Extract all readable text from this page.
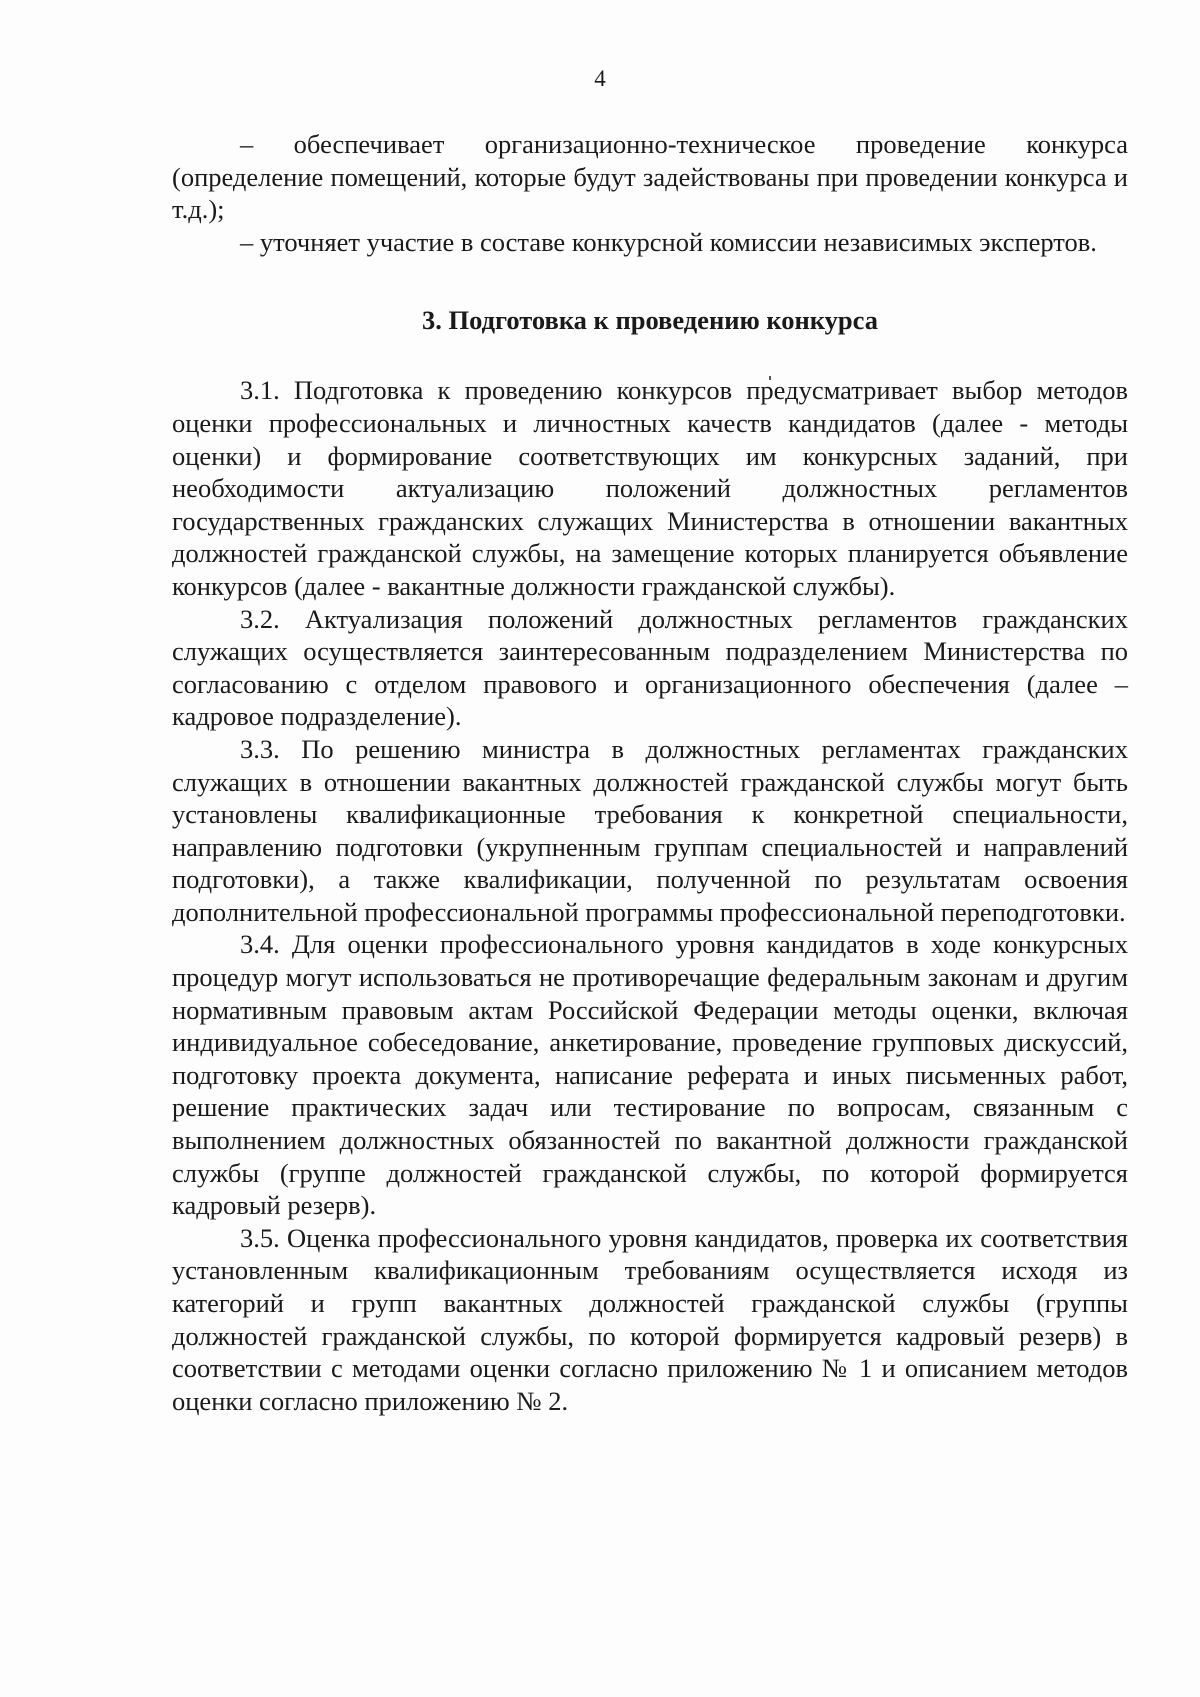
4

– обеспечивает организационно-техническое проведение конкурса (определение помещений, которые будут задействованы при проведении конкурса и т.д.);

– уточняет участие в составе конкурсной комиссии независимых экспертов.

3. Подготовка к проведению конкурса

3.1. Подготовка к проведению конкурсов предусматривает выбор методов оценки профессиональных и личностных качеств кандидатов (далее - методы оценки) и формирование соответствующих им конкурсных заданий, при необходимости актуализацию положений должностных регламентов государственных гражданских служащих Министерства в отношении вакантных должностей гражданской службы, на замещение которых планируется объявление конкурсов (далее - вакантные должности гражданской службы).

3.2. Актуализация положений должностных регламентов гражданских служащих осуществляется заинтересованным подразделением Министерства по согласованию с отделом правового и организационного обеспечения (далее – кадровое подразделение).

3.3. По решению министра в должностных регламентах гражданских служащих в отношении вакантных должностей гражданской службы могут быть установлены квалификационные требования к конкретной специальности, направлению подготовки (укрупненным группам специальностей и направлений подготовки), а также квалификации, полученной по результатам освоения дополнительной профессиональной программы профессиональной переподготовки.

3.4. Для оценки профессионального уровня кандидатов в ходе конкурсных процедур могут использоваться не противоречащие федеральным законам и другим нормативным правовым актам Российской Федерации методы оценки, включая индивидуальное собеседование, анкетирование, проведение групповых дискуссий, подготовку проекта документа, написание реферата и иных письменных работ, решение практических задач или тестирование по вопросам, связанным с выполнением должностных обязанностей по вакантной должности гражданской службы (группе должностей гражданской службы, по которой формируется кадровый резерв).

3.5. Оценка профессионального уровня кандидатов, проверка их соответствия установленным квалификационным требованиям осуществляется исходя из категорий и групп вакантных должностей гражданской службы (группы должностей гражданской службы, по которой формируется кадровый резерв) в соответствии с методами оценки согласно приложению № 1 и описанием методов оценки согласно приложению № 2.
